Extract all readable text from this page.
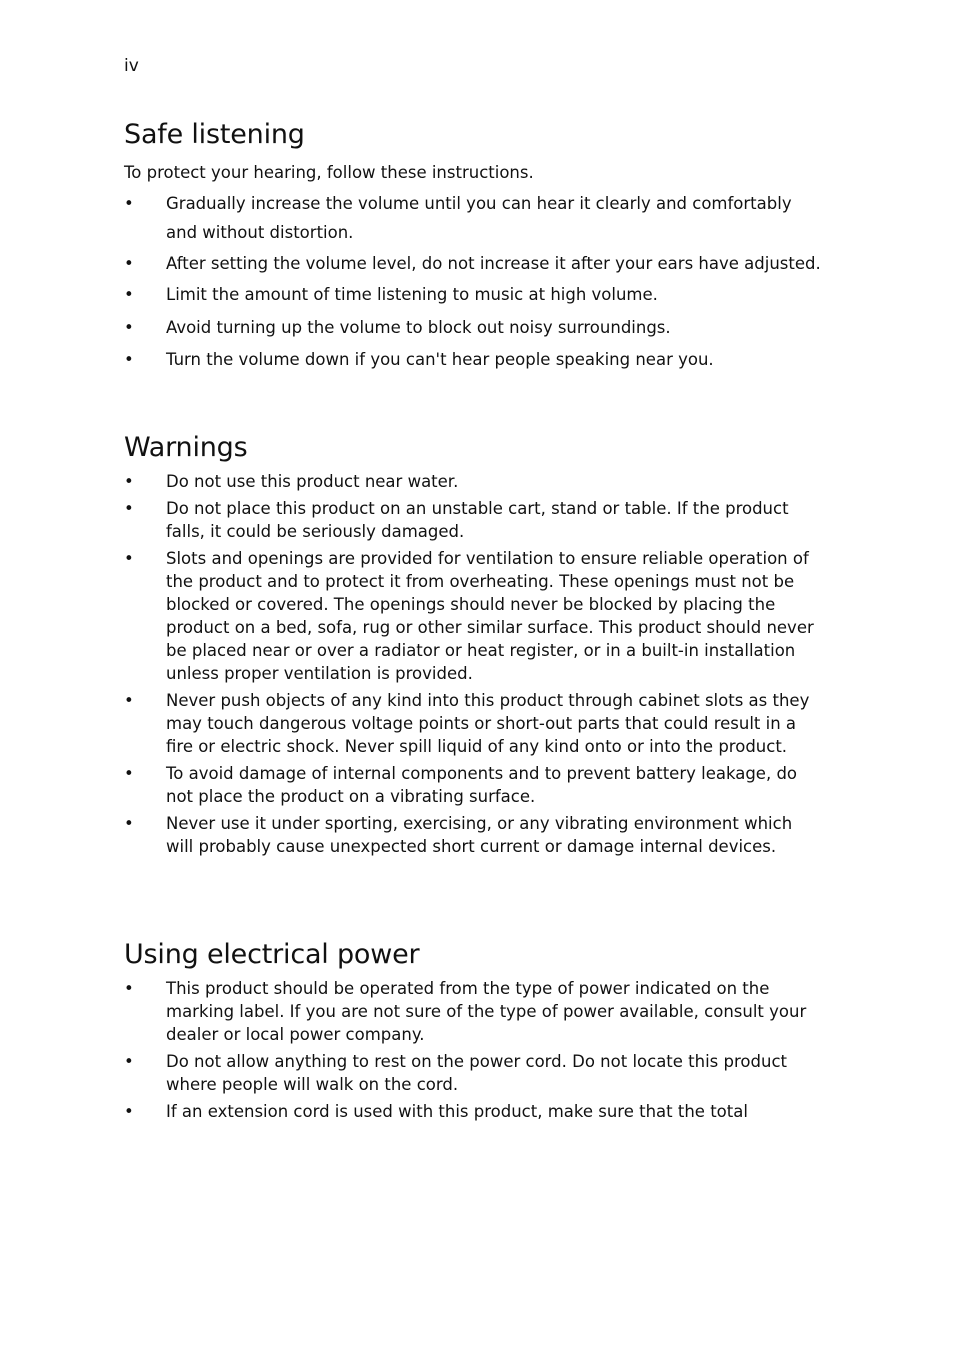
iv
Safe listening

To protect your hearing, follow these instructions.

• Gradually increase the volume until you can hear it clearly and comfortably and without distortion.
• After setting the volume level, do not increase it after your ears have adjusted.
• Limit the amount of time listening to music at high volume.
• Avoid turning up the volume to block out noisy surroundings.
• Turn the volume down if you can't hear people speaking near you.
Warnings
• Do not use this product near water.
• Do not place this product on an unstable cart, stand or table. If the product falls, it could be seriously damaged.
• Slots and openings are provided for ventilation to ensure reliable operation of the product and to protect it from overheating. These openings must not be blocked or covered. The openings should never be blocked by placing the product on a bed, sofa, rug or other similar surface. This product should never be placed near or over a radiator or heat register, or in a built-in installation unless proper ventilation is provided.
• Never push objects of any kind into this product through cabinet slots as they may touch dangerous voltage points or short-out parts that could result in a fire or electric shock. Never spill liquid of any kind onto or into the product.
• To avoid damage of internal components and to prevent battery leakage, do not place the product on a vibrating surface.
• Never use it under sporting, exercising, or any vibrating environment which will probably cause unexpected short current or damage internal devices.
Using electrical power
• This product should be operated from the type of power indicated on the marking label. If you are not sure of the type of power available, consult your dealer or local power company.
• Do not allow anything to rest on the power cord. Do not locate this product where people will walk on the cord.
• If an extension cord is used with this product, make sure that the total
